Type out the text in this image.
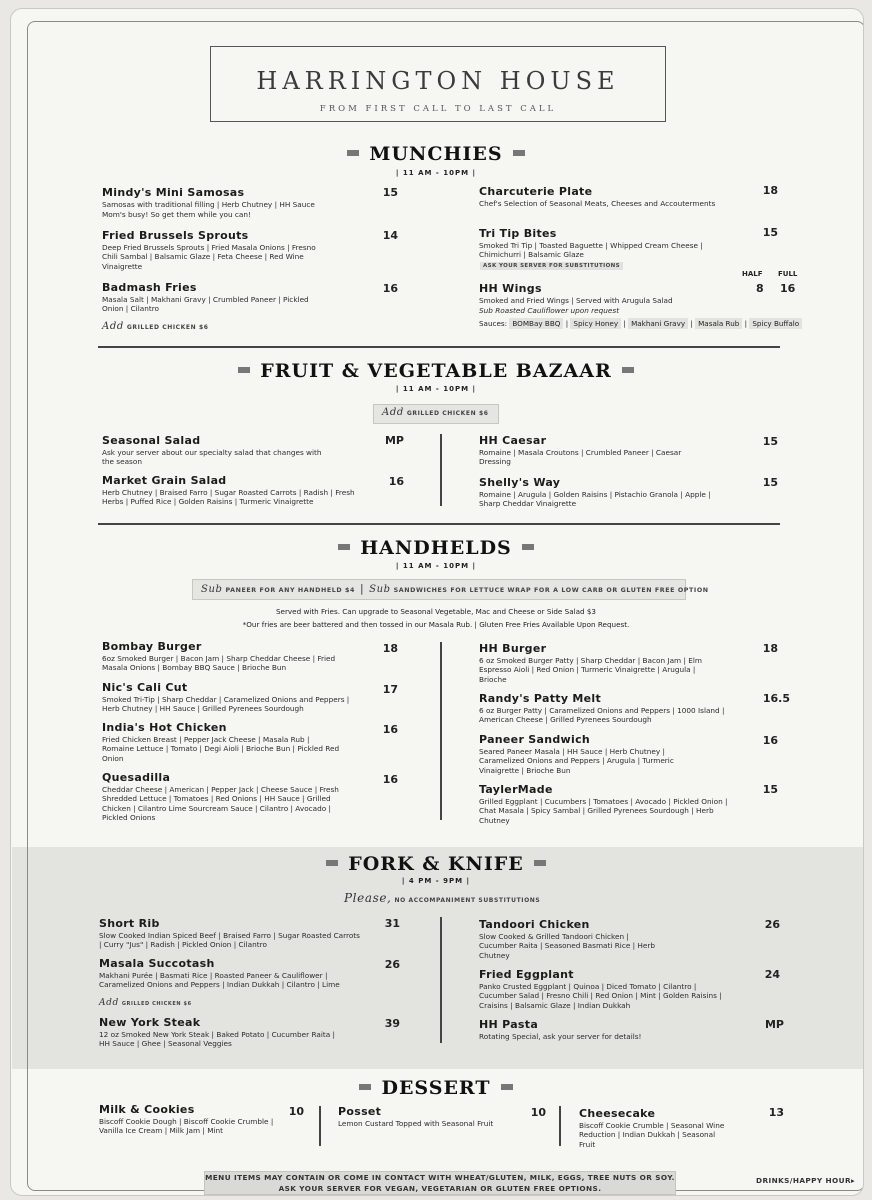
HARRINGTON HOUSE
FROM FIRST CALL TO LAST CALL
MUNCHIES
| 11 AM - 10PM |
Mindy's Mini Samosas
Samosas with traditional filling | Herb Chutney | HH Sauce
Mom's busy! So get them while you can!
15
Fried Brussels Sprouts
Deep Fried Brussels Sprouts | Fried Masala Onions | Fresno Chili Sambal | Balsamic Glaze | Feta Cheese | Red Wine Vinaigrette
14
Badmash Fries
Masala Salt | Makhani Gravy | Crumbled Paneer | Pickled Onion | Cilantro
Add GRILLED CHICKEN $6
16
Charcuterie Plate
Chef's Selection of Seasonal Meats, Cheeses and Accouterments
18
Tri Tip Bites
Smoked Tri Tip | Toasted Baguette | Whipped Cream Cheese | Chimichurri | Balsamic Glaze
ASK YOUR SERVER FOR SUBSTITUTIONS
15
HALF FULL
8 16
HH Wings
Smoked and Fried Wings | Served with Arugula Salad
Sub Roasted Cauliflower upon request
Sauces: BOMBay BBQ | Spicy Honey | Makhani Gravy | Masala Rub | Spicy Buffalo
FRUIT & VEGETABLE BAZAAR
| 11 AM - 10PM |
Add GRILLED CHICKEN $6
Seasonal Salad
Ask your server about our specialty salad that changes with the season
MP
Market Grain Salad
Herb Chutney | Braised Farro | Sugar Roasted Carrots | Radish | Fresh Herbs | Puffed Rice | Golden Raisins | Turmeric Vinaigrette
16
HH Caesar
Romaine | Masala Croutons | Crumbled Paneer | Caesar Dressing
15
Shelly's Way
Romaine | Arugula | Golden Raisins | Pistachio Granola | Apple | Sharp Cheddar Vinaigrette
15
HANDHELDS
| 11 AM - 10PM |
Sub PANEER FOR ANY HANDHELD $4 | Sub SANDWICHES FOR LETTUCE WRAP FOR A LOW CARB OR GLUTEN FREE OPTION
Served with Fries. Can upgrade to Seasonal Vegetable, Mac and Cheese or Side Salad $3
*Our fries are beer battered and then tossed in our Masala Rub. | Gluten Free Fries Available Upon Request.
Bombay Burger
6oz Smoked Burger | Bacon Jam | Sharp Cheddar Cheese | Fried Masala Onions | Bombay BBQ Sauce | Brioche Bun
18
Nic's Cali Cut
Smoked Tri-Tip | Sharp Cheddar | Caramelized Onions and Peppers | Herb Chutney | HH Sauce | Grilled Pyrenees Sourdough
17
India's Hot Chicken
Fried Chicken Breast | Pepper Jack Cheese | Masala Rub | Romaine Lettuce | Tomato | Degi Aioli | Brioche Bun | Pickled Red Onion
16
Quesadilla
Cheddar Cheese | American | Pepper Jack | Cheese Sauce | Fresh Shredded Lettuce | Tomatoes | Red Onions | HH Sauce | Grilled Chicken | Cilantro Lime Sourcream Sauce | Cilantro | Avocado | Pickled Onions
16
HH Burger
6 oz Smoked Burger Patty | Sharp Cheddar | Bacon Jam | Elm Espresso Aioli | Red Onion | Turmeric Vinaigrette | Arugula | Brioche
18
Randy's Patty Melt
6 oz Burger Patty | Caramelized Onions and Peppers | 1000 Island | American Cheese | Grilled Pyrenees Sourdough
16.5
Paneer Sandwich
Seared Paneer Masala | HH Sauce | Herb Chutney | Caramelized Onions and Peppers | Arugula | Turmeric Vinaigrette | Brioche Bun
16
TaylerMade
Grilled Eggplant | Cucumbers | Tomatoes | Avocado | Pickled Onion | Chat Masala | Spicy Sambal | Grilled Pyrenees Sourdough | Herb Chutney
15
FORK & KNIFE
| 4 PM - 9PM |
Please, NO ACCOMPANIMENT SUBSTITUTIONS
Short Rib
Slow Cooked Indian Spiced Beef | Braised Farro | Sugar Roasted Carrots | Curry "Jus" | Radish | Pickled Onion | Cilantro
31
Masala Succotash
Makhani Purée | Basmati Rice | Roasted Paneer & Cauliflower | Caramelized Onions and Peppers | Indian Dukkah | Cilantro | Lime
Add GRILLED CHICKEN $6
26
New York Steak
12 oz Smoked New York Steak | Baked Potato | Cucumber Raita | HH Sauce | Ghee | Seasonal Veggies
39
Tandoori Chicken
Slow Cooked & Grilled Tandoori Chicken | Cucumber Raita | Seasoned Basmati Rice | Herb Chutney
26
Fried Eggplant
Panko Crusted Eggplant | Quinoa | Diced Tomato | Cilantro | Cucumber Salad | Fresno Chili | Red Onion | Mint | Golden Raisins | Craisins | Balsamic Glaze | Indian Dukkah
24
HH Pasta
Rotating Special, ask your server for details!
MP
DESSERT
Milk & Cookies
Biscoff Cookie Dough | Biscoff Cookie Crumble | Vanilla Ice Cream | Milk Jam | Mint
10	Posset
Lemon Custard Topped with Seasonal Fruit
10	Cheesecake
Biscoff Cookie Crumble | Seasonal Wine Reduction | Indian Dukkah | Seasonal Fruit
13
MENU ITEMS MAY CONTAIN OR COME IN CONTACT WITH WHEAT/GLUTEN, MILK, EGGS, TREE NUTS OR SOY.
ASK YOUR SERVER FOR VEGAN, VEGETARIAN OR GLUTEN FREE OPTIONS.
DRINKS/HAPPY HOUR▸
